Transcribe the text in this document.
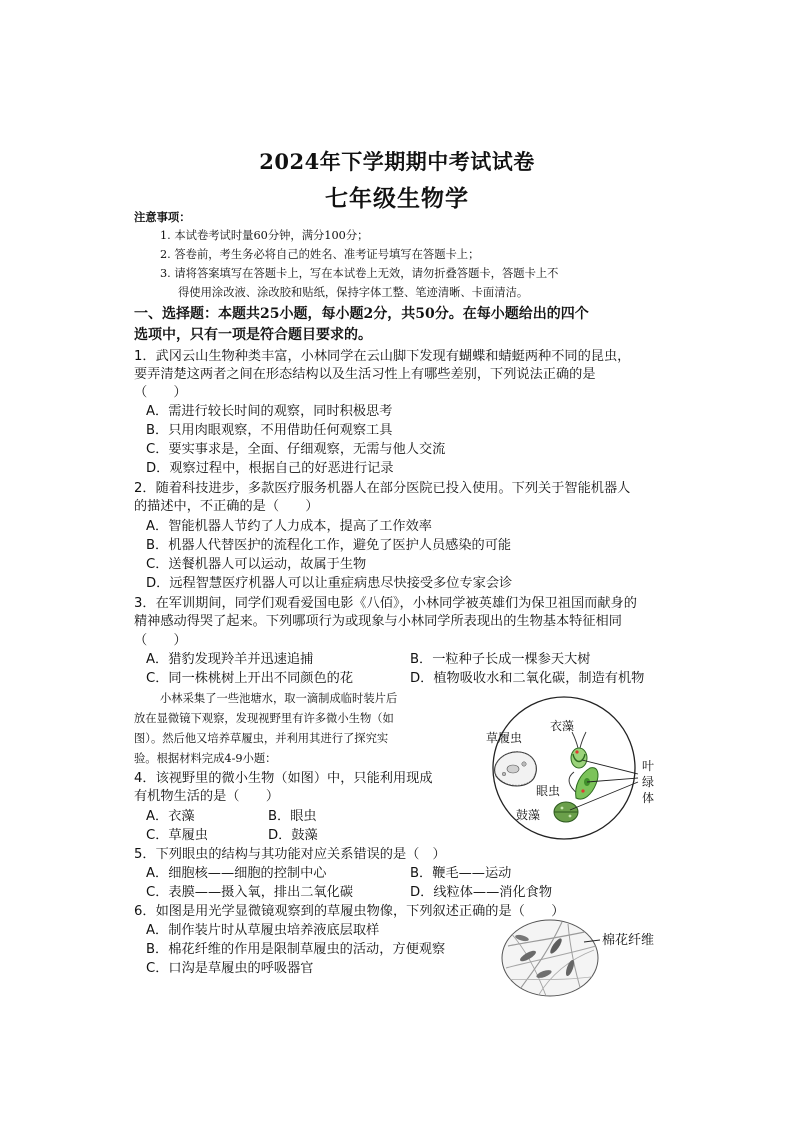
2024年下学期期中考试试卷
七年级生物学
注意事项：
1. 本试卷考试时量60分钟，满分100分；
2. 答卷前，考生务必将自己的姓名、准考证号填写在答题卡上；
3. 请将答案填写在答题卡上，写在本试卷上无效，请勿折叠答题卡，答题卡上不
得使用涂改液、涂改胶和贴纸，保持字体工整、笔迹清晰、卡面清洁。
一、选择题：本题共25小题，每小题2分，共50分。在每小题给出的四个
选项中，只有一项是符合题目要求的。
1．武冈云山生物种类丰富，小林同学在云山脚下发现有蝴蝶和蜻蜓两种不同的昆虫，
要弄清楚这两者之间在形态结构以及生活习性上有哪些差别，下列说法正确的是
（　　）
A．需进行较长时间的观察，同时积极思考
B．只用肉眼观察，不用借助任何观察工具
C．要实事求是，全面、仔细观察，无需与他人交流
D．观察过程中，根据自己的好恶进行记录
2．随着科技进步，多款医疗服务机器人在部分医院已投入使用。下列关于智能机器人
的描述中，不正确的是（　　）
A．智能机器人节约了人力成本，提高了工作效率
B．机器人代替医护的流程化工作，避免了医护人员感染的可能
C．送餐机器人可以运动，故属于生物
D．远程智慧医疗机器人可以让重症病患尽快接受多位专家会诊
3．在军训期间，同学们观看爱国电影《八佰》，小林同学被英雄们为保卫祖国而献身的
精神感动得哭了起来。下列哪项行为或现象与小林同学所表现出的生物基本特征相同
（　　）
A．猎豹发现羚羊并迅速追捕	B．一粒种子长成一棵参天大树
C．同一株桃树上开出不同颜色的花	D．植物吸收水和二氧化碳，制造有机物
小林采集了一些池塘水，取一滴制成临时装片后
放在显微镜下观察，发现视野里有许多微小生物（如
图）。然后他又培养草履虫，并利用其进行了探究实
验。根据材料完成4-9小题：
草履虫
衣藻
眼虫
鼓藻
叶
绿
体
4．该视野里的微小生物（如图）中，只能利用现成
有机物生活的是（　　）
A．衣藻	B．眼虫
C．草履虫	D．鼓藻
5．下列眼虫的结构与其功能对应关系错误的是（　）
A．细胞核——细胞的控制中心	B．鞭毛——运动
C．表膜——摄入氧，排出二氧化碳	D．线粒体——消化食物
6．如图是用光学显微镜观察到的草履虫物像，下列叙述正确的是（　　）
A．制作装片时从草履虫培养液底层取样
B．棉花纤维的作用是限制草履虫的活动，方便观察
C．口沟是草履虫的呼吸器官
棉花纤维
